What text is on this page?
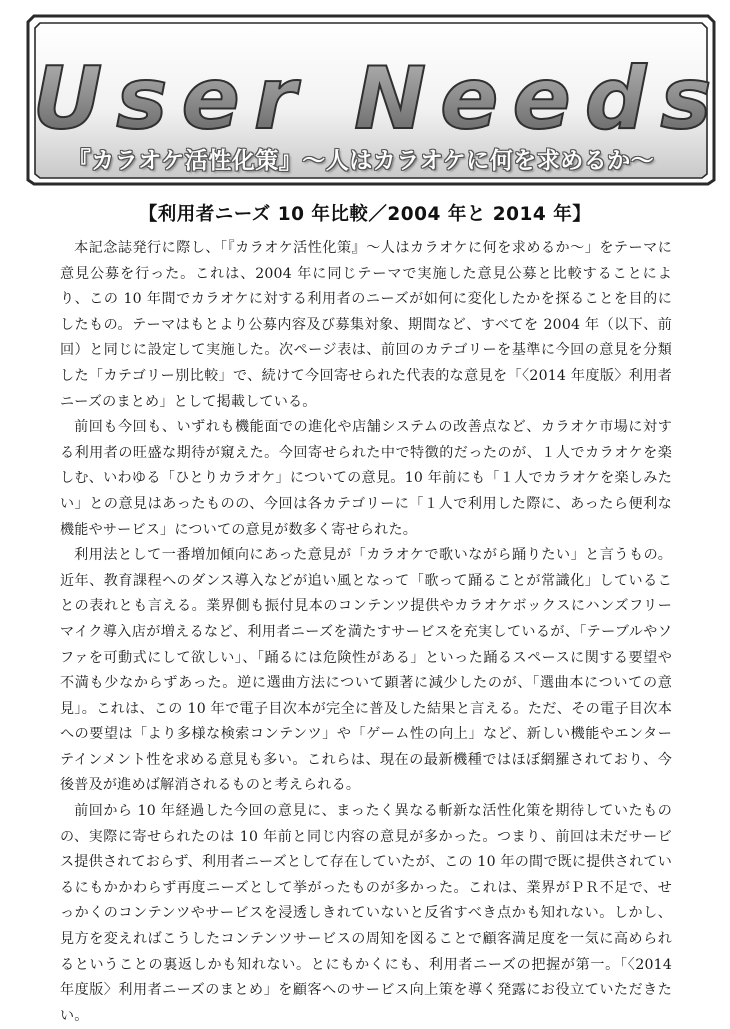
User Needs
『カラオケ活性化策』〜人はカラオケに何を求めるか〜
【利用者ニーズ 10 年比較／2004 年と 2014 年】

本記念誌発行に際し、「『カラオケ活性化策』〜人はカラオケに何を求めるか〜」をテーマに意見公募を行った。これは、2004 年に同じテーマで実施した意見公募と比較することにより、この 10 年間でカラオケに対する利用者のニーズが如何に変化したかを探ることを目的にしたもの。テーマはもとより公募内容及び募集対象、期間など、すべてを 2004 年（以下、前回）と同じに設定して実施した。次ページ表は、前回のカテゴリーを基準に今回の意見を分類した「カテゴリー別比較」で、続けて今回寄せられた代表的な意見を「〈2014 年度版〉利用者ニーズのまとめ」として掲載している。

前回も今回も、いずれも機能面での進化や店舗システムの改善点など、カラオケ市場に対する利用者の旺盛な期待が窺えた。今回寄せられた中で特徴的だったのが、１人でカラオケを楽しむ、いわゆる「ひとりカラオケ」についての意見。10 年前にも「１人でカラオケを楽しみたい」との意見はあったものの、今回は各カテゴリーに「１人で利用した際に、あったら便利な機能やサービス」についての意見が数多く寄せられた。

利用法として一番増加傾向にあった意見が「カラオケで歌いながら踊りたい」と言うもの。近年、教育課程へのダンス導入などが追い風となって「歌って踊ることが常識化」していることの表れとも言える。業界側も振付見本のコンテンツ提供やカラオケボックスにハンズフリーマイク導入店が増えるなど、利用者ニーズを満たすサービスを充実しているが、「テーブルやソファを可動式にして欲しい」、「踊るには危険性がある」といった踊るスペースに関する要望や不満も少なからずあった。逆に選曲方法について顕著に減少したのが、「選曲本についての意見」。これは、この 10 年で電子目次本が完全に普及した結果と言える。ただ、その電子目次本への要望は「より多様な検索コンテンツ」や「ゲーム性の向上」など、新しい機能やエンターテインメント性を求める意見も多い。これらは、現在の最新機種ではほぼ網羅されており、今後普及が進めば解消されるものと考えられる。

前回から 10 年経過した今回の意見に、まったく異なる斬新な活性化策を期待していたものの、実際に寄せられたのは 10 年前と同じ内容の意見が多かった。つまり、前回は未だサービス提供されておらず、利用者ニーズとして存在していたが、この 10 年の間で既に提供されているにもかかわらず再度ニーズとして挙がったものが多かった。これは、業界がＰＲ不足で、せっかくのコンテンツやサービスを浸透しきれていないと反省すべき点かも知れない。しかし、見方を変えればこうしたコンテンツサービスの周知を図ることで顧客満足度を一気に高められるということの裏返しかも知れない。とにもかくにも、利用者ニーズの把握が第一。「〈2014 年度版〉利用者ニーズのまとめ」を顧客へのサービス向上策を導く発露にお役立ていただきたい。
